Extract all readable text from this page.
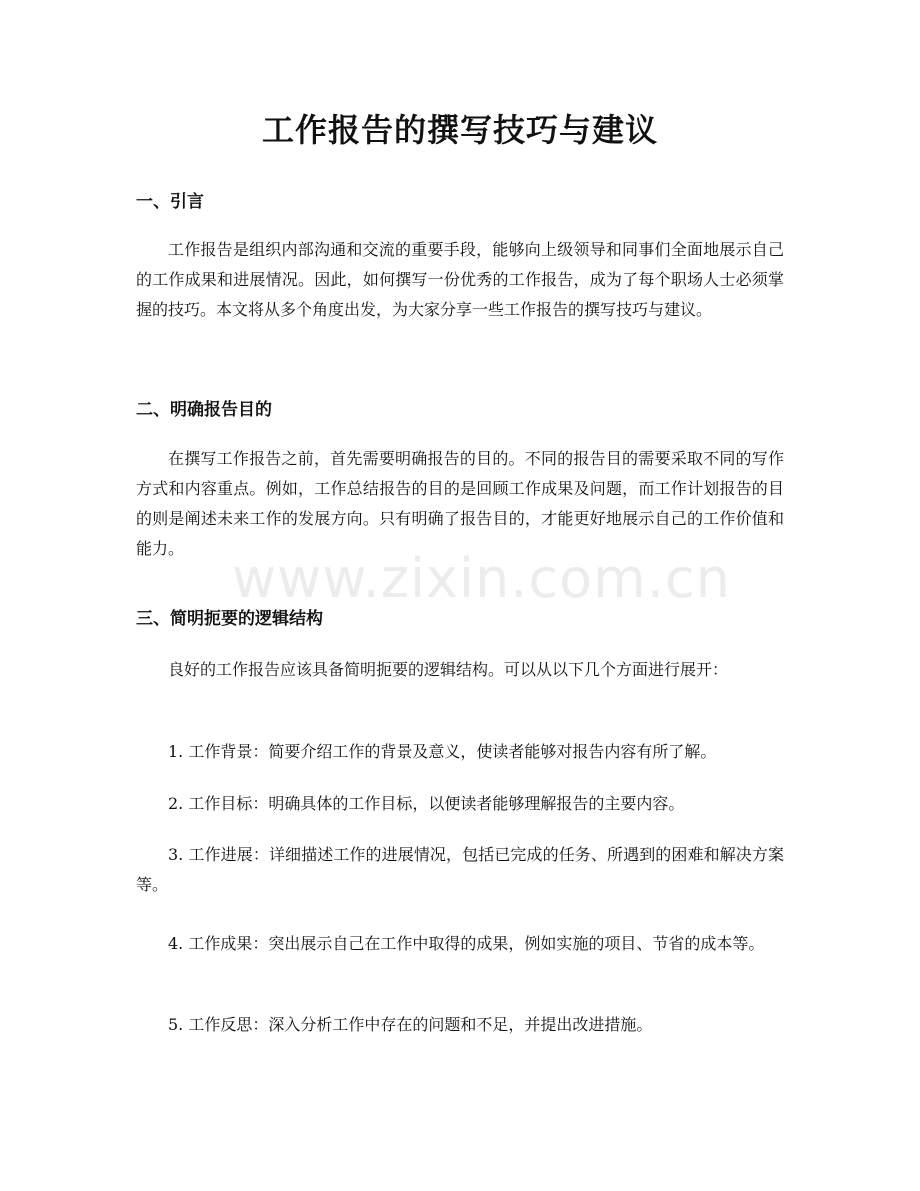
工作报告的撰写技巧与建议
一、引言

工作报告是组织内部沟通和交流的重要手段，能够向上级领导和同事们全面地展示自己的工作成果和进展情况。因此，如何撰写一份优秀的工作报告，成为了每个职场人士必须掌握的技巧。本文将从多个角度出发，为大家分享一些工作报告的撰写技巧与建议。

二、明确报告目的

在撰写工作报告之前，首先需要明确报告的目的。不同的报告目的需要采取不同的写作方式和内容重点。例如，工作总结报告的目的是回顾工作成果及问题，而工作计划报告的目的则是阐述未来工作的发展方向。只有明确了报告目的，才能更好地展示自己的工作价值和能力。

三、简明扼要的逻辑结构

良好的工作报告应该具备简明扼要的逻辑结构。可以从以下几个方面进行展开：

1. 工作背景：简要介绍工作的背景及意义，使读者能够对报告内容有所了解。

2. 工作目标：明确具体的工作目标，以便读者能够理解报告的主要内容。

3. 工作进展：详细描述工作的进展情况，包括已完成的任务、所遇到的困难和解决方案等。

4. 工作成果：突出展示自己在工作中取得的成果，例如实施的项目、节省的成本等。

5. 工作反思：深入分析工作中存在的问题和不足，并提出改进措施。

www.zixin.com.cn
